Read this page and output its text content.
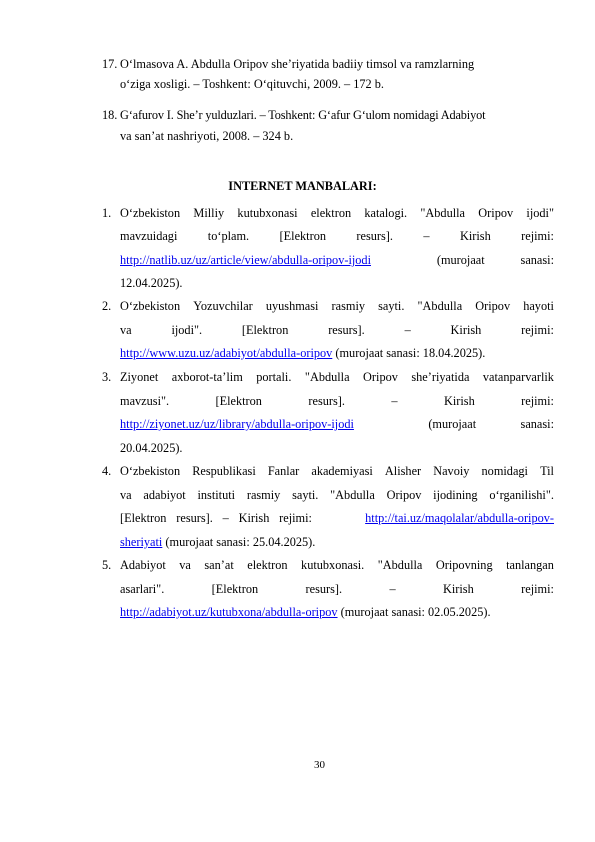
17. O‘lmasova A. Abdulla Oripov she’riyatida badiiy timsol va ramzlarning

o‘ziga xosligi. – Toshkent: O‘qituvchi, 2009. – 172 b.

18. G‘afurov I. She’r yulduzlari. – Toshkent: G‘afur G‘ulom nomidagi Adabiyot

va san’at nashriyoti, 2008. – 324 b.

INTERNET MANBALARI:

1. O‘zbekiston Milliy kutubxonasi elektron katalogi. "Abdulla Oripov ijodi"

mavzuidagi to‘plam. [Elektron resurs]. – Kirish rejimi:

http://natlib.uz/uz/article/view/abdulla-oripov-ijodi	(murojaat	sanasi:

12.04.2025).

2. O‘zbekiston Yozuvchilar uyushmasi rasmiy sayti. "Abdulla Oripov hayoti

va	ijodi".	[Elektron	resurs].	–	Kirish	rejimi:

http://www.uzu.uz/adabiyot/abdulla-oripov (murojaat sanasi: 18.04.2025).

3. Ziyonet axborot-ta’lim portali. "Abdulla Oripov she’riyatida vatanparvarlik

mavzusi".	[Elektron	resurs].	–	Kirish	rejimi:

http://ziyonet.uz/uz/library/abdulla-oripov-ijodi	(murojaat	sanasi:

20.04.2025).

4. O‘zbekiston Respublikasi Fanlar akademiyasi Alisher Navoiy nomidagi Til

va adabiyot instituti rasmiy sayti. "Abdulla Oripov ijodining o‘rganilishi".

[Elektron resurs]. – Kirish rejimi:	http://tai.uz/maqolalar/abdulla-oripov-

sheriyati (murojaat sanasi: 25.04.2025).

5. Adabiyot va san’at elektron kutubxonasi. "Abdulla Oripovning tanlangan

asarlari".	[Elektron	resurs].	–	Kirish	rejimi:

http://adabiyot.uz/kutubxona/abdulla-oripov (murojaat sanasi: 02.05.2025).

30
